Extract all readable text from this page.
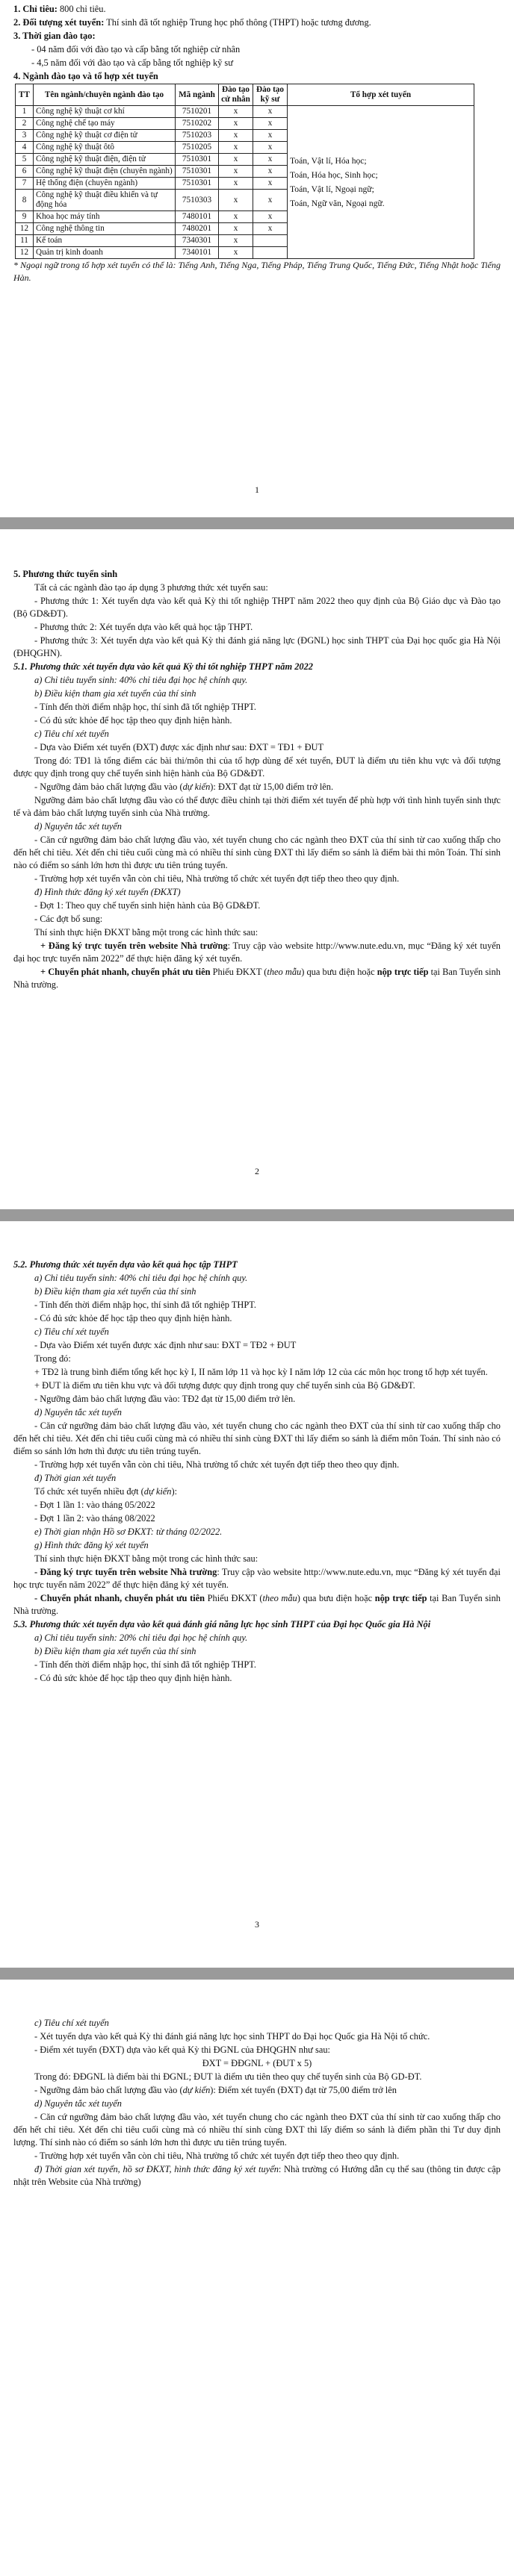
1. Chỉ tiêu: 800 chỉ tiêu.

2. Đối tượng xét tuyển: Thí sinh đã tốt nghiệp Trung học phổ thông (THPT) hoặc tương đương.

3. Thời gian đào tạo:

- 04 năm đối với đào tạo và cấp bằng tốt nghiệp cử nhân

- 4,5 năm đối với đào tạo và cấp bằng tốt nghiệp kỹ sư

4. Ngành đào tạo và tổ hợp xét tuyển

TT	Tên ngành/chuyên ngành đào tạo	Mã ngành	Đào tạo cử nhân	Đào tạo kỹ sư	Tổ hợp xét tuyển
1	Công nghệ kỹ thuật cơ khí	7510201	x	x	Toán, Vật lí, Hóa học;
Toán, Hóa học, Sinh học;
Toán, Vật lí, Ngoại ngữ;
Toán, Ngữ văn, Ngoại ngữ.

2	Công nghệ chế tạo máy	7510202	x	x	
3	Công nghệ kỹ thuật cơ điện tử	7510203	x	x	
4	Công nghệ kỹ thuật ôtô	7510205	x	x	
5	Công nghệ kỹ thuật điện, điện tử	7510301	x	x	
6	Công nghệ kỹ thuật điện (chuyên ngành)	7510301	x	x	
7	Hệ thống điện (chuyên ngành)	7510301	x	x	
8	Công nghệ kỹ thuật điều khiển và tự động hóa	7510303	x	x	
9	Khoa học máy tính	7480101	x	x	
12	Công nghệ thông tin	7480201	x	x	
11	Kế toán	7340301	x		
12	Quản trị kinh doanh	7340101	x		

* Ngoại ngữ trong tổ hợp xét tuyển có thể là: Tiếng Anh, Tiếng Nga, Tiếng Pháp, Tiếng Trung Quốc, Tiếng Đức, Tiếng Nhật hoặc Tiếng Hàn.

1

5. Phương thức tuyển sinh

Tất cả các ngành đào tạo áp dụng 3 phương thức xét tuyển sau:

- Phương thức 1: Xét tuyển dựa vào kết quả Kỳ thi tốt nghiệp THPT năm 2022 theo quy định của Bộ Giáo dục và Đào tạo (Bộ GD&ĐT).

- Phương thức 2: Xét tuyển dựa vào kết quả học tập THPT.

- Phương thức 3: Xét tuyển dựa vào kết quả Kỳ thi đánh giá năng lực (ĐGNL) học sinh THPT của Đại học quốc gia Hà Nội (ĐHQGHN).

5.1. Phương thức xét tuyển dựa vào kết quả Kỳ thi tốt nghiệp THPT năm 2022

a) Chỉ tiêu tuyển sinh: 40% chỉ tiêu đại học hệ chính quy.

b) Điều kiện tham gia xét tuyển của thí sinh

- Tính đến thời điểm nhập học, thí sinh đã tốt nghiệp THPT.

- Có đủ sức khỏe để học tập theo quy định hiện hành.

c) Tiêu chí xét tuyển

- Dựa vào Điểm xét tuyển (ĐXT) được xác định như sau: ĐXT = TĐ1 + ĐUT

Trong đó: TĐ1 là tổng điểm các bài thi/môn thi của tổ hợp dùng để xét tuyển, ĐUT là điểm ưu tiên khu vực và đối tượng được quy định trong quy chế tuyển sinh hiện hành của Bộ GD&ĐT.

- Ngưỡng đảm bảo chất lượng đầu vào (dự kiến): ĐXT đạt từ 15,00 điểm trở lên.

Ngưỡng đảm bảo chất lượng đầu vào có thể được điều chỉnh tại thời điểm xét tuyển để phù hợp với tình hình tuyển sinh thực tế và đảm bảo chất lượng tuyển sinh của Nhà trường.

d) Nguyên tắc xét tuyển

- Căn cứ ngưỡng đảm bảo chất lượng đầu vào, xét tuyển chung cho các ngành theo ĐXT của thí sinh từ cao xuống thấp cho đến hết chỉ tiêu. Xét đến chỉ tiêu cuối cùng mà có nhiều thí sinh cùng ĐXT thì lấy điểm so sánh là điểm bài thi môn Toán. Thí sinh nào có điểm so sánh lớn hơn thì được ưu tiên trúng tuyển.

- Trường hợp xét tuyển vẫn còn chỉ tiêu, Nhà trường tổ chức xét tuyển đợt tiếp theo theo quy định.

đ) Hình thức đăng ký xét tuyển (ĐKXT)

- Đợt 1: Theo quy chế tuyển sinh hiện hành của Bộ GD&ĐT.

- Các đợt bổ sung:

Thí sinh thực hiện ĐKXT bằng một trong các hình thức sau:

+ Đăng ký trực tuyến trên website Nhà trường: Truy cập vào website http://www.nute.edu.vn, mục “Đăng ký xét tuyển đại học trực tuyến năm 2022” để thực hiện đăng ký xét tuyển.

+ Chuyển phát nhanh, chuyển phát ưu tiên Phiếu ĐKXT (theo mẫu) qua bưu điện hoặc nộp trực tiếp tại Ban Tuyển sinh Nhà trường.

2

5.2. Phương thức xét tuyển dựa vào kết quả học tập THPT

a) Chỉ tiêu tuyển sinh: 40% chỉ tiêu đại học hệ chính quy.

b) Điều kiện tham gia xét tuyển của thí sinh

- Tính đến thời điểm nhập học, thí sinh đã tốt nghiệp THPT.

- Có đủ sức khỏe để học tập theo quy định hiện hành.

c) Tiêu chí xét tuyển

- Dựa vào Điểm xét tuyển được xác định như sau: ĐXT = TĐ2 + ĐUT

Trong đó:

+ TĐ2 là trung bình điểm tổng kết học kỳ I, II năm lớp 11 và học kỳ I năm lớp 12 của các môn học trong tổ hợp xét tuyển.

+ ĐUT là điểm ưu tiên khu vực và đối tượng được quy định trong quy chế tuyển sinh của Bộ GD&ĐT.

- Ngưỡng đảm bảo chất lượng đầu vào: TĐ2 đạt từ 15,00 điểm trở lên.

d) Nguyên tắc xét tuyển

- Căn cứ ngưỡng đảm bảo chất lượng đầu vào, xét tuyển chung cho các ngành theo ĐXT của thí sinh từ cao xuống thấp cho đến hết chỉ tiêu. Xét đến chỉ tiêu cuối cùng mà có nhiều thí sinh cùng ĐXT thì lấy điểm so sánh là điểm môn Toán. Thí sinh nào có điểm so sánh lớn hơn thì được ưu tiên trúng tuyển.

- Trường hợp xét tuyển vẫn còn chỉ tiêu, Nhà trường tổ chức xét tuyển đợt tiếp theo theo quy định.

đ) Thời gian xét tuyển

Tổ chức xét tuyển nhiều đợt (dự kiến):

- Đợt 1 lần 1: vào tháng 05/2022

- Đợt 1 lần 2: vào tháng 08/2022

e) Thời gian nhận Hồ sơ ĐKXT: từ tháng 02/2022.

g) Hình thức đăng ký xét tuyển

Thí sinh thực hiện ĐKXT bằng một trong các hình thức sau:

- Đăng ký trực tuyến trên website Nhà trường: Truy cập vào website http://www.nute.edu.vn, mục “Đăng ký xét tuyển đại học trực tuyến năm 2022” để thực hiện đăng ký xét tuyển.

- Chuyển phát nhanh, chuyển phát ưu tiên Phiếu ĐKXT (theo mẫu) qua bưu điện hoặc nộp trực tiếp tại Ban Tuyển sinh Nhà trường.

5.3. Phương thức xét tuyển dựa vào kết quả đánh giá năng lực học sinh THPT của Đại học Quốc gia Hà Nội

a) Chỉ tiêu tuyển sinh: 20% chỉ tiêu đại học hệ chính quy.

b) Điều kiện tham gia xét tuyển của thí sinh

- Tính đến thời điểm nhập học, thí sinh đã tốt nghiệp THPT.

- Có đủ sức khỏe để học tập theo quy định hiện hành.

3

c) Tiêu chí xét tuyển

- Xét tuyển dựa vào kết quả Kỳ thi đánh giá năng lực học sinh THPT do Đại học Quốc gia Hà Nội tổ chức.

- Điểm xét tuyển (ĐXT) dựa vào kết quả Kỳ thi ĐGNL của ĐHQGHN như sau:

ĐXT = ĐĐGNL + (ĐUT x 5)

Trong đó: ĐĐGNL là điểm bài thi ĐGNL; ĐUT là điểm ưu tiên theo quy chế tuyển sinh của Bộ GD-ĐT.

- Ngưỡng đảm bảo chất lượng đầu vào (dự kiến): Điểm xét tuyển (ĐXT) đạt từ 75,00 điểm trở lên

d) Nguyên tắc xét tuyển

- Căn cứ ngưỡng đảm bảo chất lượng đầu vào, xét tuyển chung cho các ngành theo ĐXT của thí sinh từ cao xuống thấp cho đến hết chỉ tiêu. Xét đến chỉ tiêu cuối cùng mà có nhiều thí sinh cùng ĐXT thì lấy điểm so sánh là điểm phần thi Tư duy định lượng. Thí sinh nào có điểm so sánh lớn hơn thì được ưu tiên trúng tuyển.

- Trường hợp xét tuyển vẫn còn chỉ tiêu, Nhà trường tổ chức xét tuyển đợt tiếp theo theo quy định.

đ) Thời gian xét tuyển, hồ sơ ĐKXT, hình thức đăng ký xét tuyển: Nhà trường có Hướng dẫn cụ thể sau (thông tin được cập nhật trên Website của Nhà trường)
